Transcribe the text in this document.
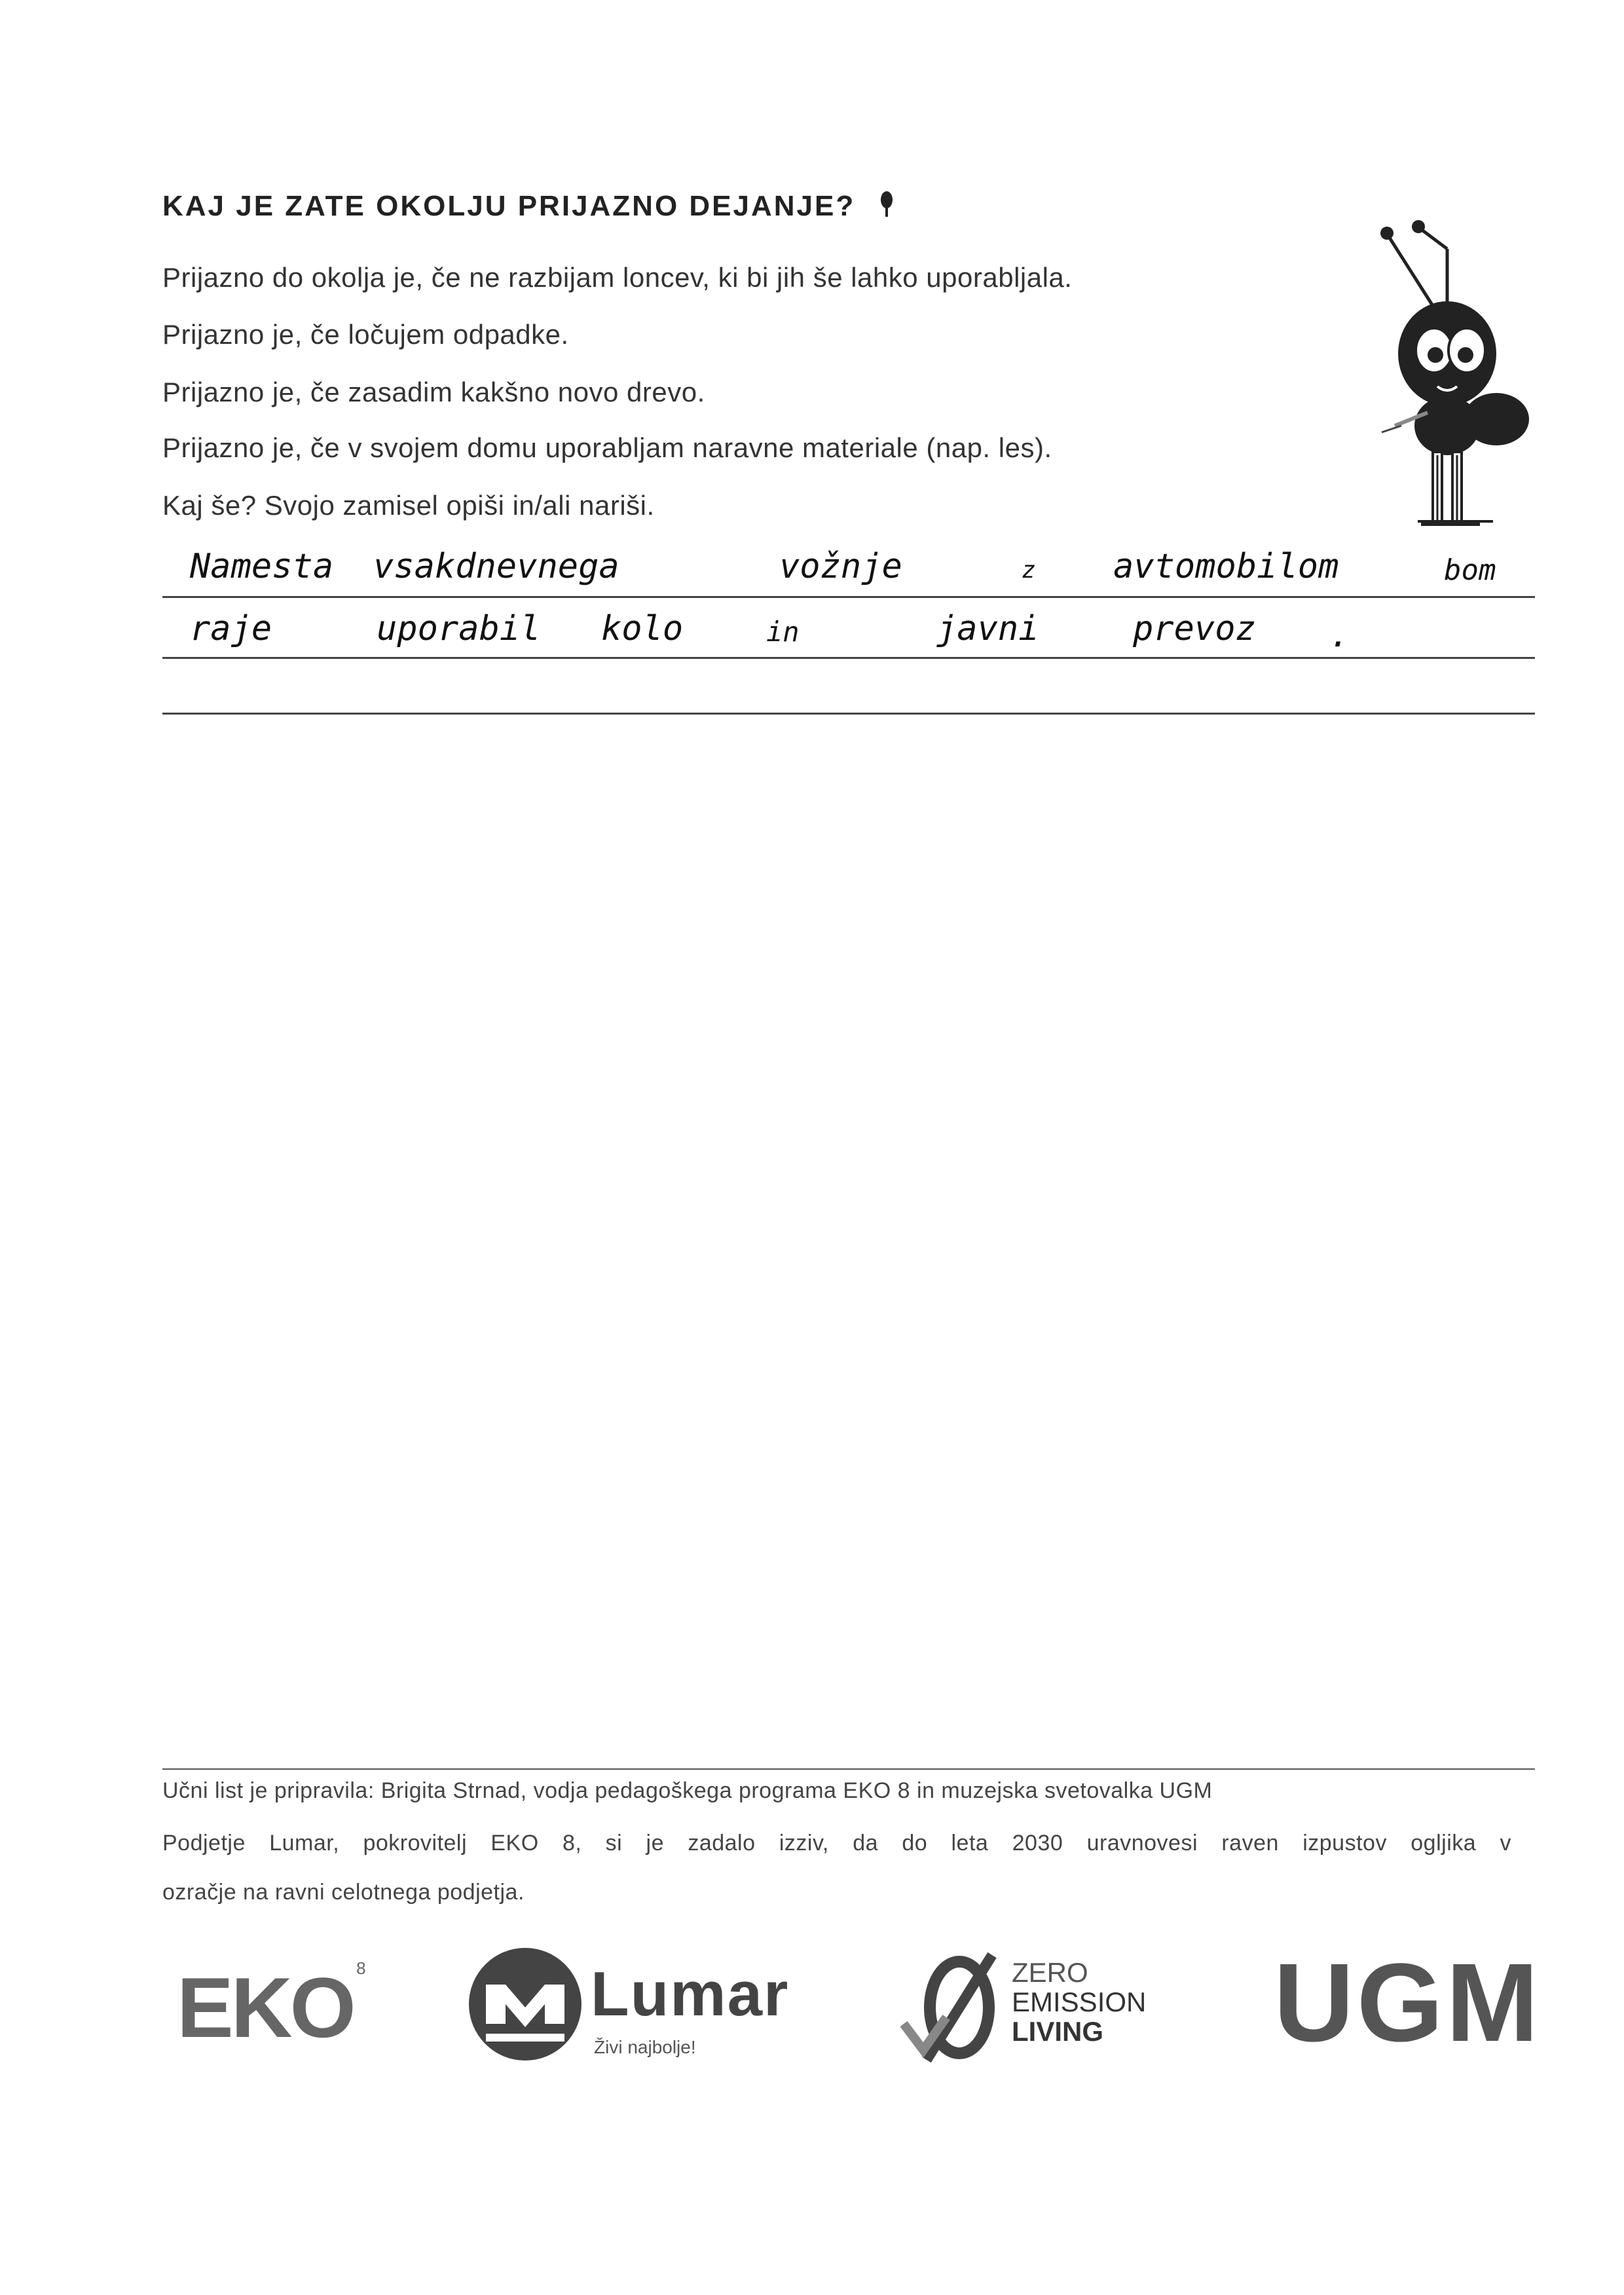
KAJ JE ZATE OKOLJU PRIJAZNO DEJANJE?
Prijazno do okolja je, če ne razbijam loncev, ki bi jih še lahko uporabljala.
Prijazno je, če ločujem odpadke.
Prijazno je, če zasadim kakšno novo drevo.
Prijazno je, če v svojem domu uporabljam naravne materiale (nap. les).
Kaj še? Svojo zamisel opiši in/ali nariši.
Namesta vsakdnevnega	vožnje	z avtomobilom	bom
raje	uporabil kolo	in	javni	prevoz .
Učni list je pripravila: Brigita Strnad, vodja pedagoškega programa EKO 8 in muzejska svetovalka UGM
Podjetje Lumar, pokrovitelj EKO 8, si je zadalo izziv, da do leta 2030 uravnovesi raven izpustov ogljika v
ozračje na ravni celotnega podjetja.
EKO 8	Lumar
Živi najbolje!
ZERO
EMISSION
LIVING UGM
